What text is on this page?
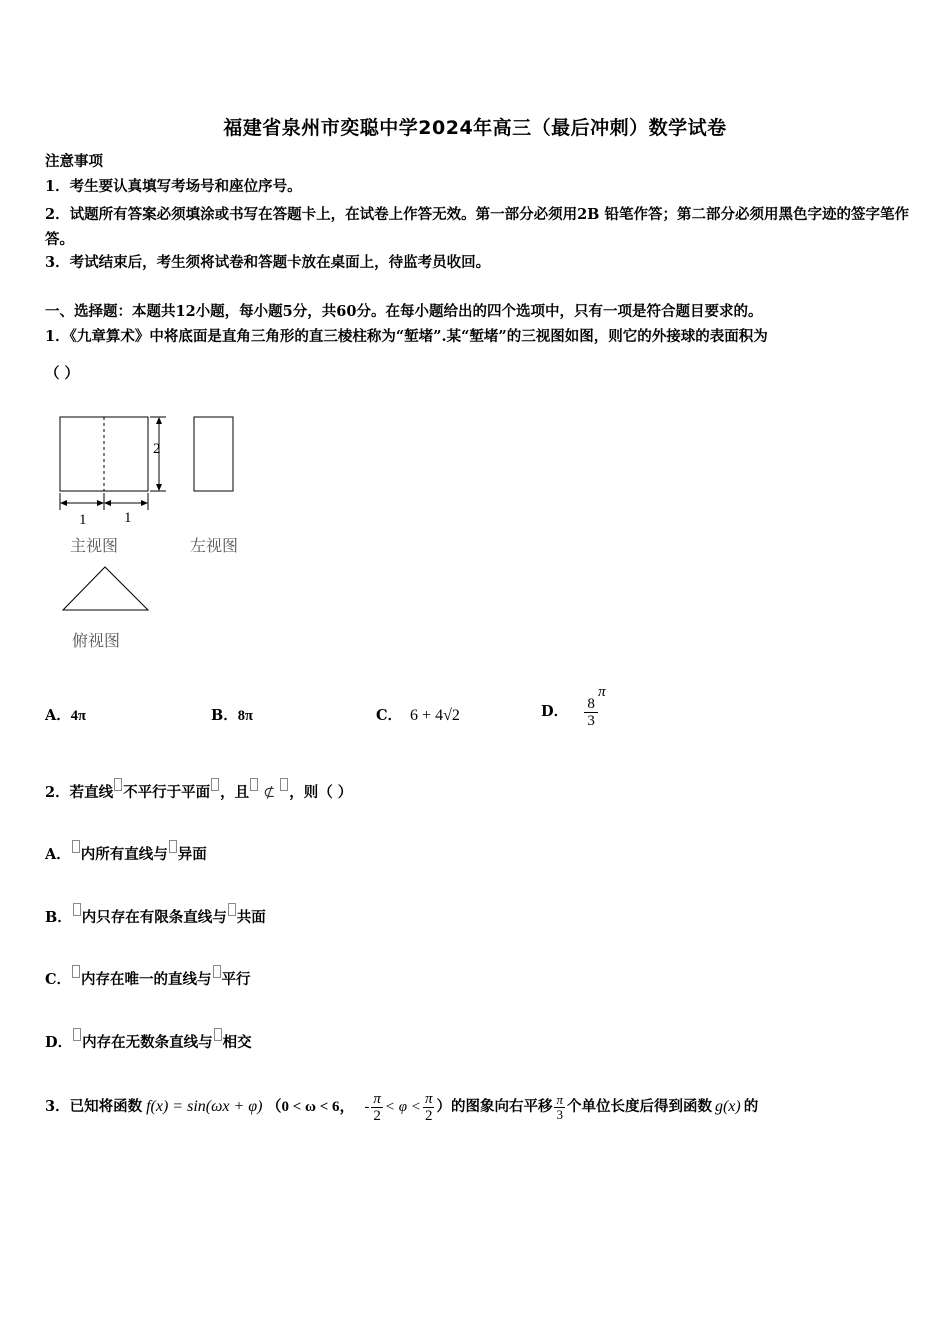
福建省泉州市奕聪中学2024年高三（最后冲刺）数学试卷
注意事项
1．考生要认真填写考场号和座位序号。
2．试题所有答案必须填涂或书写在答题卡上，在试卷上作答无效。第一部分必须用2B 铅笔作答；第二部分必须用黑色字迹的签字笔作答。
3．考试结束后，考生须将试卷和答题卡放在桌面上，待监考员收回。
一、选择题：本题共12小题，每小题5分，共60分。在每小题给出的四个选项中，只有一项是符合题目要求的。
1．《九章算术》中将底面是直角三角形的直三棱柱称为“堑堵”.某“堑堵”的三视图如图，则它的外接球的表面积为
（ ）
2
1	1
主视图	左视图
俯视图
A．4π	B．8π	C． 6 + 4√2	D． $\frac{8}{3}$
π
2．若直线 不平行于平面 ，且 ⊄ ，则（ ）
A． 内所有直线与 异面
B． 内只存在有限条直线与 共面
C． 内存在唯一的直线与 平行
D． 内存在无数条直线与 相交
3．已知将函数 f(x) = sin(ωx + φ) （0 < ω < 6， - $\frac{\pi}{2} < \varphi < \frac{\pi}{2}$ ）的图象向右平移 $\frac{\pi}{3}$ 个单位长度后得到函数 g(x) 的
